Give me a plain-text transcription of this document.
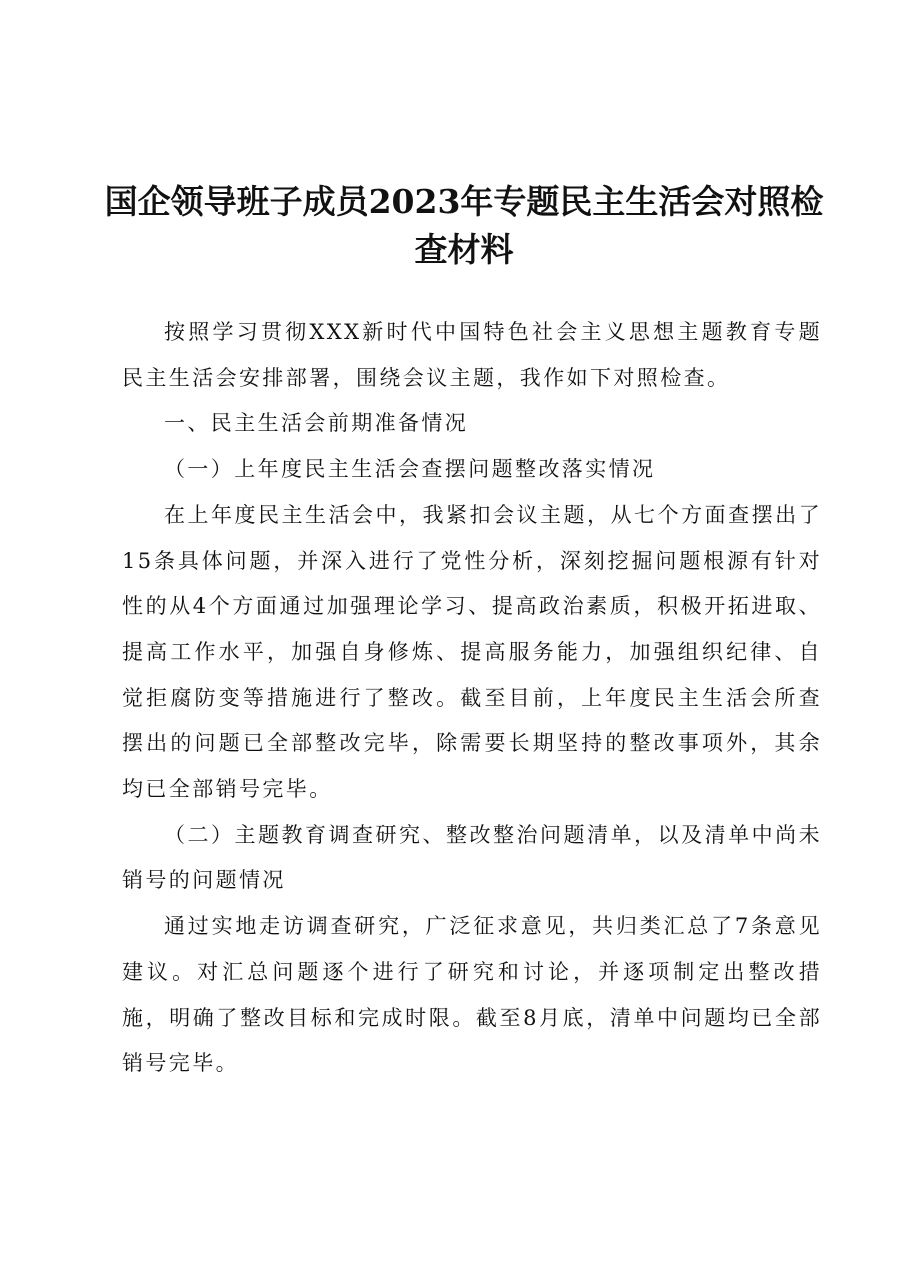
国企领导班子成员2023年专题民主生活会对照检查材料

按照学习贯彻XXX新时代中国特色社会主义思想主题教育专题民主生活会安排部署，围绕会议主题，我作如下对照检查。

一、民主生活会前期准备情况

（一）上年度民主生活会查摆问题整改落实情况

在上年度民主生活会中，我紧扣会议主题，从七个方面查摆出了15条具体问题，并深入进行了党性分析，深刻挖掘问题根源有针对性的从4个方面通过加强理论学习、提高政治素质，积极开拓进取、提高工作水平，加强自身修炼、提高服务能力，加强组织纪律、自觉拒腐防变等措施进行了整改。截至目前，上年度民主生活会所查摆出的问题已全部整改完毕，除需要长期坚持的整改事项外，其余均已全部销号完毕。

（二）主题教育调查研究、整改整治问题清单，以及清单中尚未销号的问题情况

通过实地走访调查研究，广泛征求意见，共归类汇总了7条意见建议。对汇总问题逐个进行了研究和讨论，并逐项制定出整改措施，明确了整改目标和完成时限。截至8月底，清单中问题均已全部销号完毕。
